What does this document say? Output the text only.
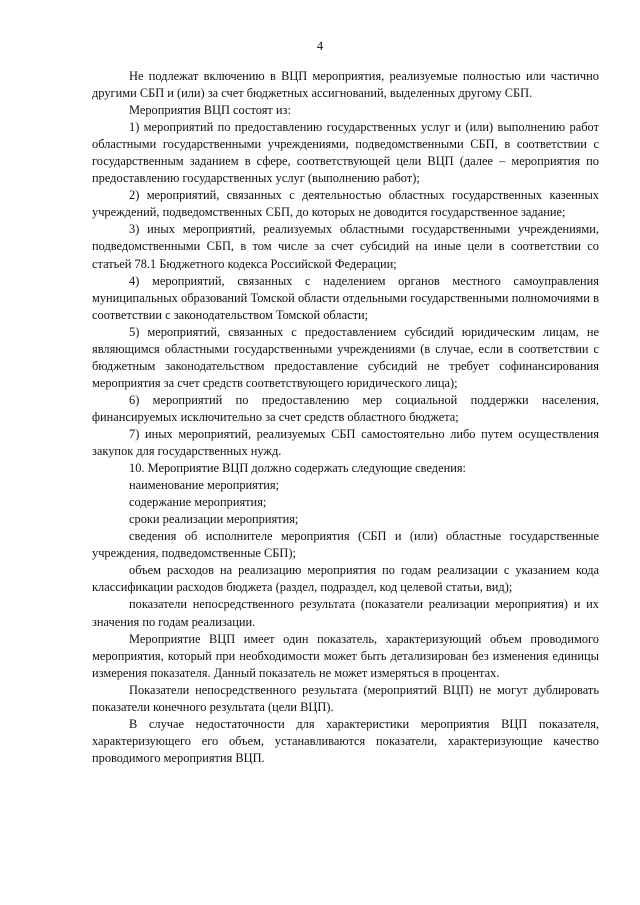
4

Не подлежат включению в ВЦП мероприятия, реализуемые полностью или частично другими СБП и (или) за счет бюджетных ассигнований, выделенных другому СБП.

Мероприятия ВЦП состоят из:

1) мероприятий по предоставлению государственных услуг и (или) выполнению работ областными государственными учреждениями, подведомственными СБП, в соответствии с государственным заданием в сфере, соответствующей цели ВЦП (далее – мероприятия по предоставлению государственных услуг (выполнению работ);

2) мероприятий, связанных с деятельностью областных государственных казенных учреждений, подведомственных СБП, до которых не доводится государственное задание;

3) иных мероприятий, реализуемых областными государственными учреждениями, подведомственными СБП, в том числе за счет субсидий на иные цели в соответствии со статьей 78.1 Бюджетного кодекса Российской Федерации;

4) мероприятий, связанных с наделением органов местного самоуправления муниципальных образований Томской области отдельными государственными полномочиями в соответствии с законодательством Томской области;

5) мероприятий, связанных с предоставлением субсидий юридическим лицам, не являющимся областными государственными учреждениями (в случае, если в соответствии с бюджетным законодательством предоставление субсидий не требует софинансирования мероприятия за счет средств соответствующего юридического лица);

6) мероприятий по предоставлению мер социальной поддержки населения, финансируемых исключительно за счет средств областного бюджета;

7) иных мероприятий, реализуемых СБП самостоятельно либо путем осуществления закупок для государственных нужд.

10. Мероприятие ВЦП должно содержать следующие сведения:

наименование мероприятия;

содержание мероприятия;

сроки реализации мероприятия;

сведения об исполнителе мероприятия (СБП и (или) областные государственные учреждения, подведомственные СБП);

объем расходов на реализацию мероприятия по годам реализации с указанием кода классификации расходов бюджета (раздел, подраздел, код целевой статьи, вид);

показатели непосредственного результата (показатели реализации мероприятия) и их значения по годам реализации.

Мероприятие ВЦП имеет один показатель, характеризующий объем проводимого мероприятия, который при необходимости может быть детализирован без изменения единицы измерения показателя. Данный показатель не может измеряться в процентах.

Показатели непосредственного результата (мероприятий ВЦП) не могут дублировать показатели конечного результата (цели ВЦП).

В случае недостаточности для характеристики мероприятия ВЦП показателя, характеризующего его объем, устанавливаются показатели, характеризующие качество проводимого мероприятия ВЦП.
